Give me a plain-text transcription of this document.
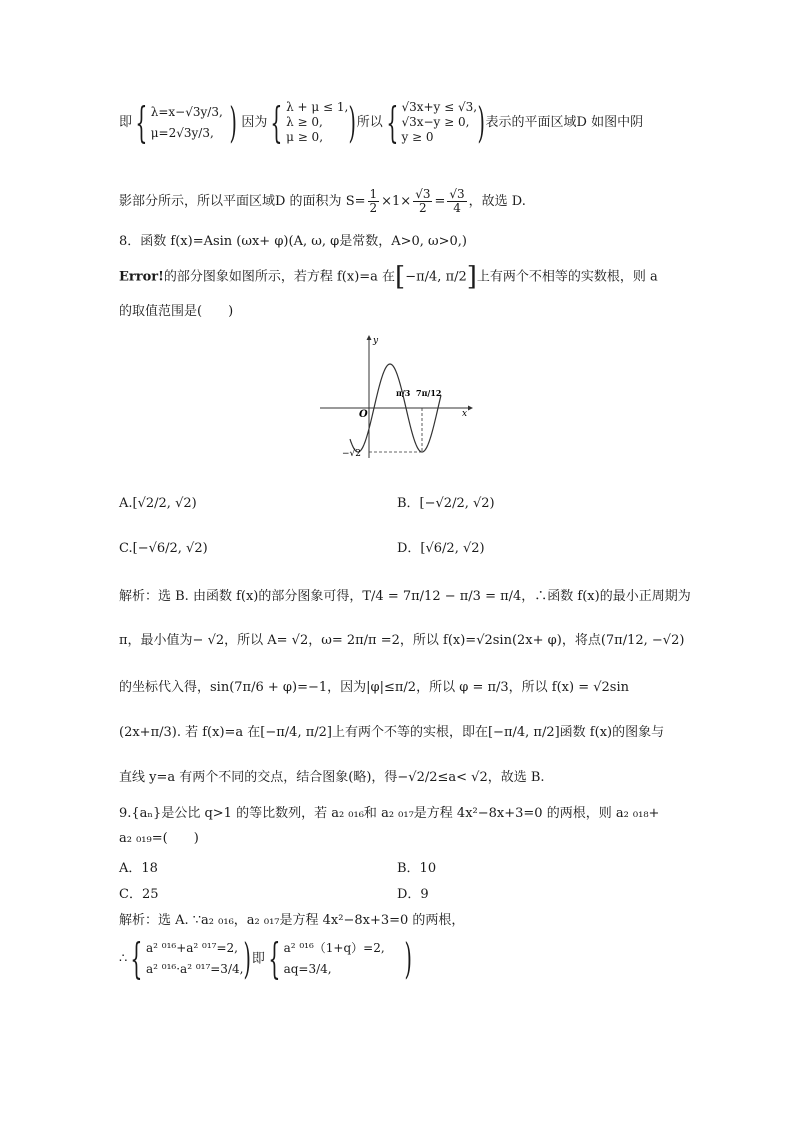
即{ λ=x−√3y/3,
μ=2√3y/3, ) 因为{ λ + μ ≤ 1,
λ ≥ 0,
μ ≥ 0, )所以{ √3x+y ≤ √3,
√3x−y ≥ 0,
y ≥ 0	)表示的平面区域D 如图中阴
影部分所示，所以平面区域D 的面积为 $S= \frac{1}{2} \times 1\times \frac{√3}{2} = \frac{√3}{4}$ ，故选 D.
8．函数 f(x)=Asin (ωx+ φ)(A, ω, φ是常数，A>0, ω>0,)
Error!的部分图象如图所示，若方程 f(x)=a 在[−π/4, π/2]上有两个不相等的实数根，则 a
的取值范围是(　　)
y
x
O
−√2
π/3 7π/12
A.[√2/2, √2)	B．[−√2/2, √2)
C.[−√6/2, √2)	D．[√6/2, √2)
解析：选 B. 由函数 f(x)的部分图象可得，T/4 = 7π/12 − π/3 = π/4，∴函数 f(x)的最小正周期为
π，最小值为− √2，所以 A= √2，ω= 2π/π =2，所以 f(x)=√2sin(2x+ φ)，将点(7π/12, −√2)
的坐标代入得，sin(7π/6 + φ)=−1，因为|φ|≤π/2，所以 φ = π/3，所以 f(x) = √2sin
(2x+π/3). 若 f(x)=a 在[−π/4, π/2]上有两个不等的实根，即在[−π/4, π/2]函数 f(x)的图象与
直线 y=a 有两个不同的交点，结合图象(略)，得−√2/2≤a< √2，故选 B.
9.{aₙ}是公比 q>1 的等比数列，若 a₂ ₀₁₆和 a₂ ₀₁₇是方程 4x²−8x+3=0 的两根，则 a₂ ₀₁₈+
a₂ ₀₁₉=(　　)
A．18	B．10
C．25	D．9
解析：选 A. ∵a₂ ₀₁₆，a₂ ₀₁₇是方程 4x²−8x+3=0 的两根，
∴{ a² ⁰¹⁶+a² ⁰¹⁷=2,
a² ⁰¹⁶·a² ⁰¹⁷=3/4, )即{ a² ⁰¹⁶（1+q）=2,
aq=3/4,	)
